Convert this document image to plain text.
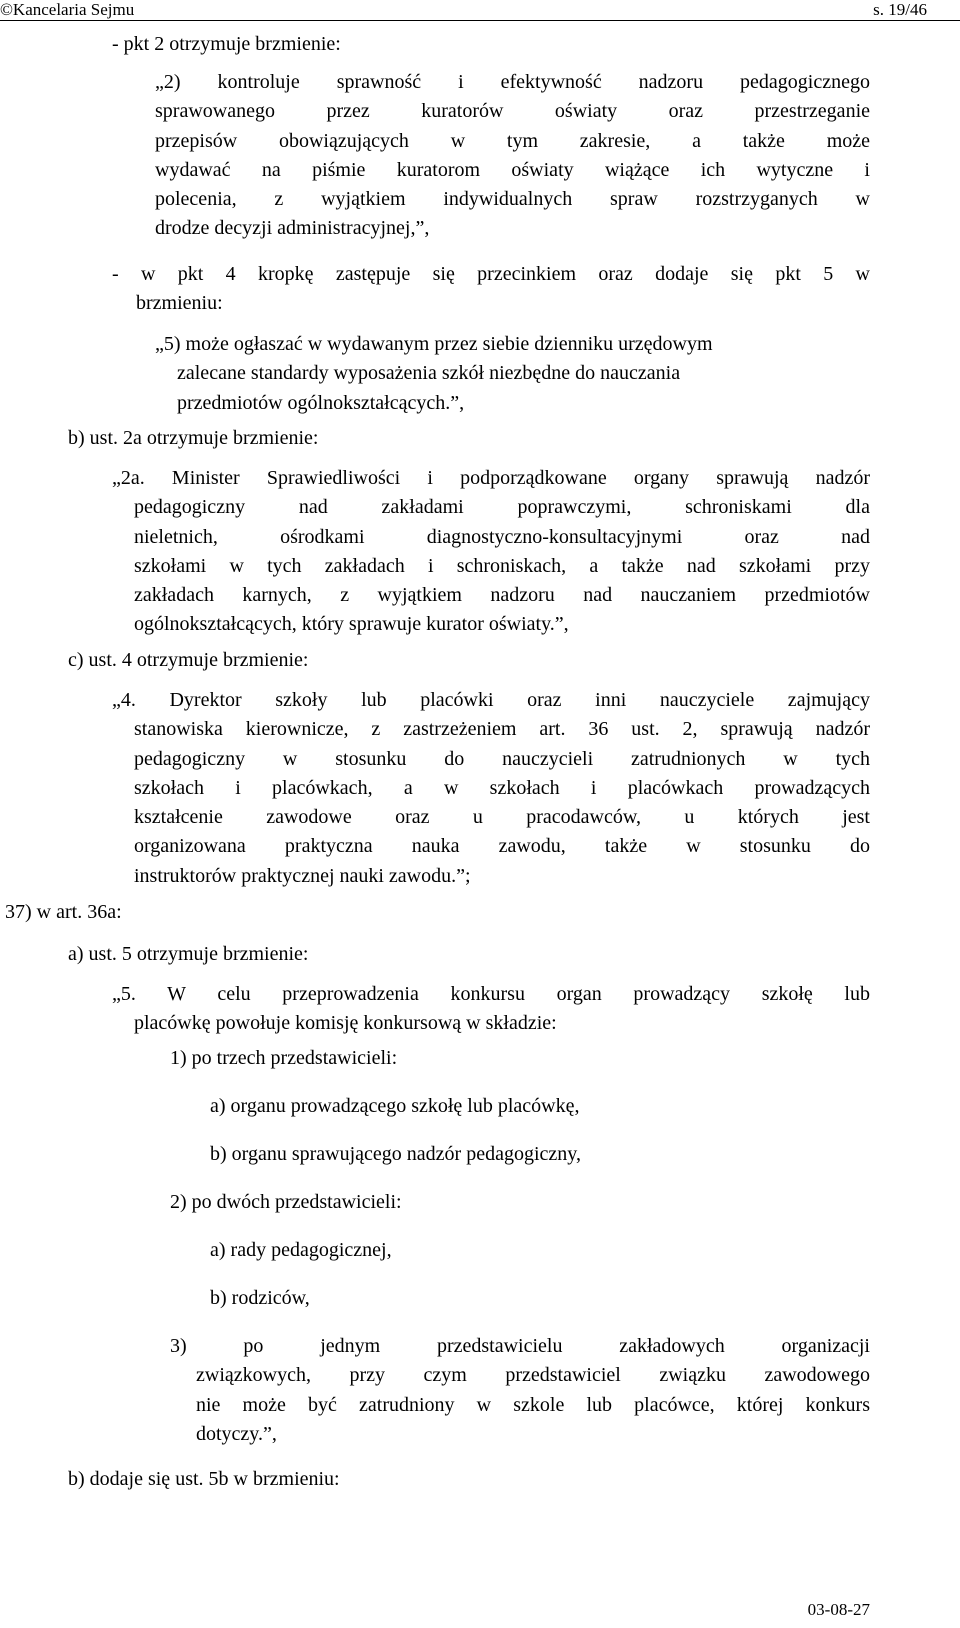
©Kancelaria Sejmu	s. 19/46
- pkt 2 otrzymuje brzmienie:

„2) kontroluje sprawność i efektywność nadzoru pedagogicznego

sprawowanego przez kuratorów oświaty oraz przestrzeganie

przepisów obowiązujących w tym zakresie, a także może

wydawać na piśmie kuratorom oświaty wiążące ich wytyczne i

polecenia, z wyjątkiem indywidualnych spraw rozstrzyganych w

drodze decyzji administracyjnej,”,

- w pkt 4 kropkę zastępuje się przecinkiem oraz dodaje się pkt 5 w

brzmieniu:

„5) może ogłaszać w wydawanym przez siebie dzienniku urzędowym

zalecane standardy wyposażenia szkół niezbędne do nauczania

przedmiotów ogólnokształcących.”,

b) ust. 2a otrzymuje brzmienie:

„2a. Minister Sprawiedliwości i podporządkowane organy sprawują nadzór

pedagogiczny nad zakładami poprawczymi, schroniskami dla

nieletnich, ośrodkami diagnostyczno-konsultacyjnymi oraz nad

szkołami w tych zakładach i schroniskach, a także nad szkołami przy

zakładach karnych, z wyjątkiem nadzoru nad nauczaniem przedmiotów

ogólnokształcących, który sprawuje kurator oświaty.”,

c) ust. 4 otrzymuje brzmienie:

„4. Dyrektor szkoły lub placówki oraz inni nauczyciele zajmujący

stanowiska kierownicze, z zastrzeżeniem art. 36 ust. 2, sprawują nadzór

pedagogiczny w stosunku do nauczycieli zatrudnionych w tych

szkołach i placówkach, a w szkołach i placówkach prowadzących

kształcenie zawodowe oraz u pracodawców, u których jest

organizowana praktyczna nauka zawodu, także w stosunku do

instruktorów praktycznej nauki zawodu.”;

37) w art. 36a:
a) ust. 5 otrzymuje brzmienie:

„5. W celu przeprowadzenia konkursu organ prowadzący szkołę lub

placówkę powołuje komisję konkursową w składzie:

1) po trzech przedstawicieli:
a) organu prowadzącego szkołę lub placówkę,
b) organu sprawującego nadzór pedagogiczny,
2) po dwóch przedstawicieli:
a) rady pedagogicznej,
b) rodziców,

3) po jednym przedstawicielu zakładowych organizacji

związkowych, przy czym przedstawiciel związku zawodowego

nie może być zatrudniony w szkole lub placówce, której konkurs

dotyczy.”,

b) dodaje się ust. 5b w brzmieniu:
03-08-27
